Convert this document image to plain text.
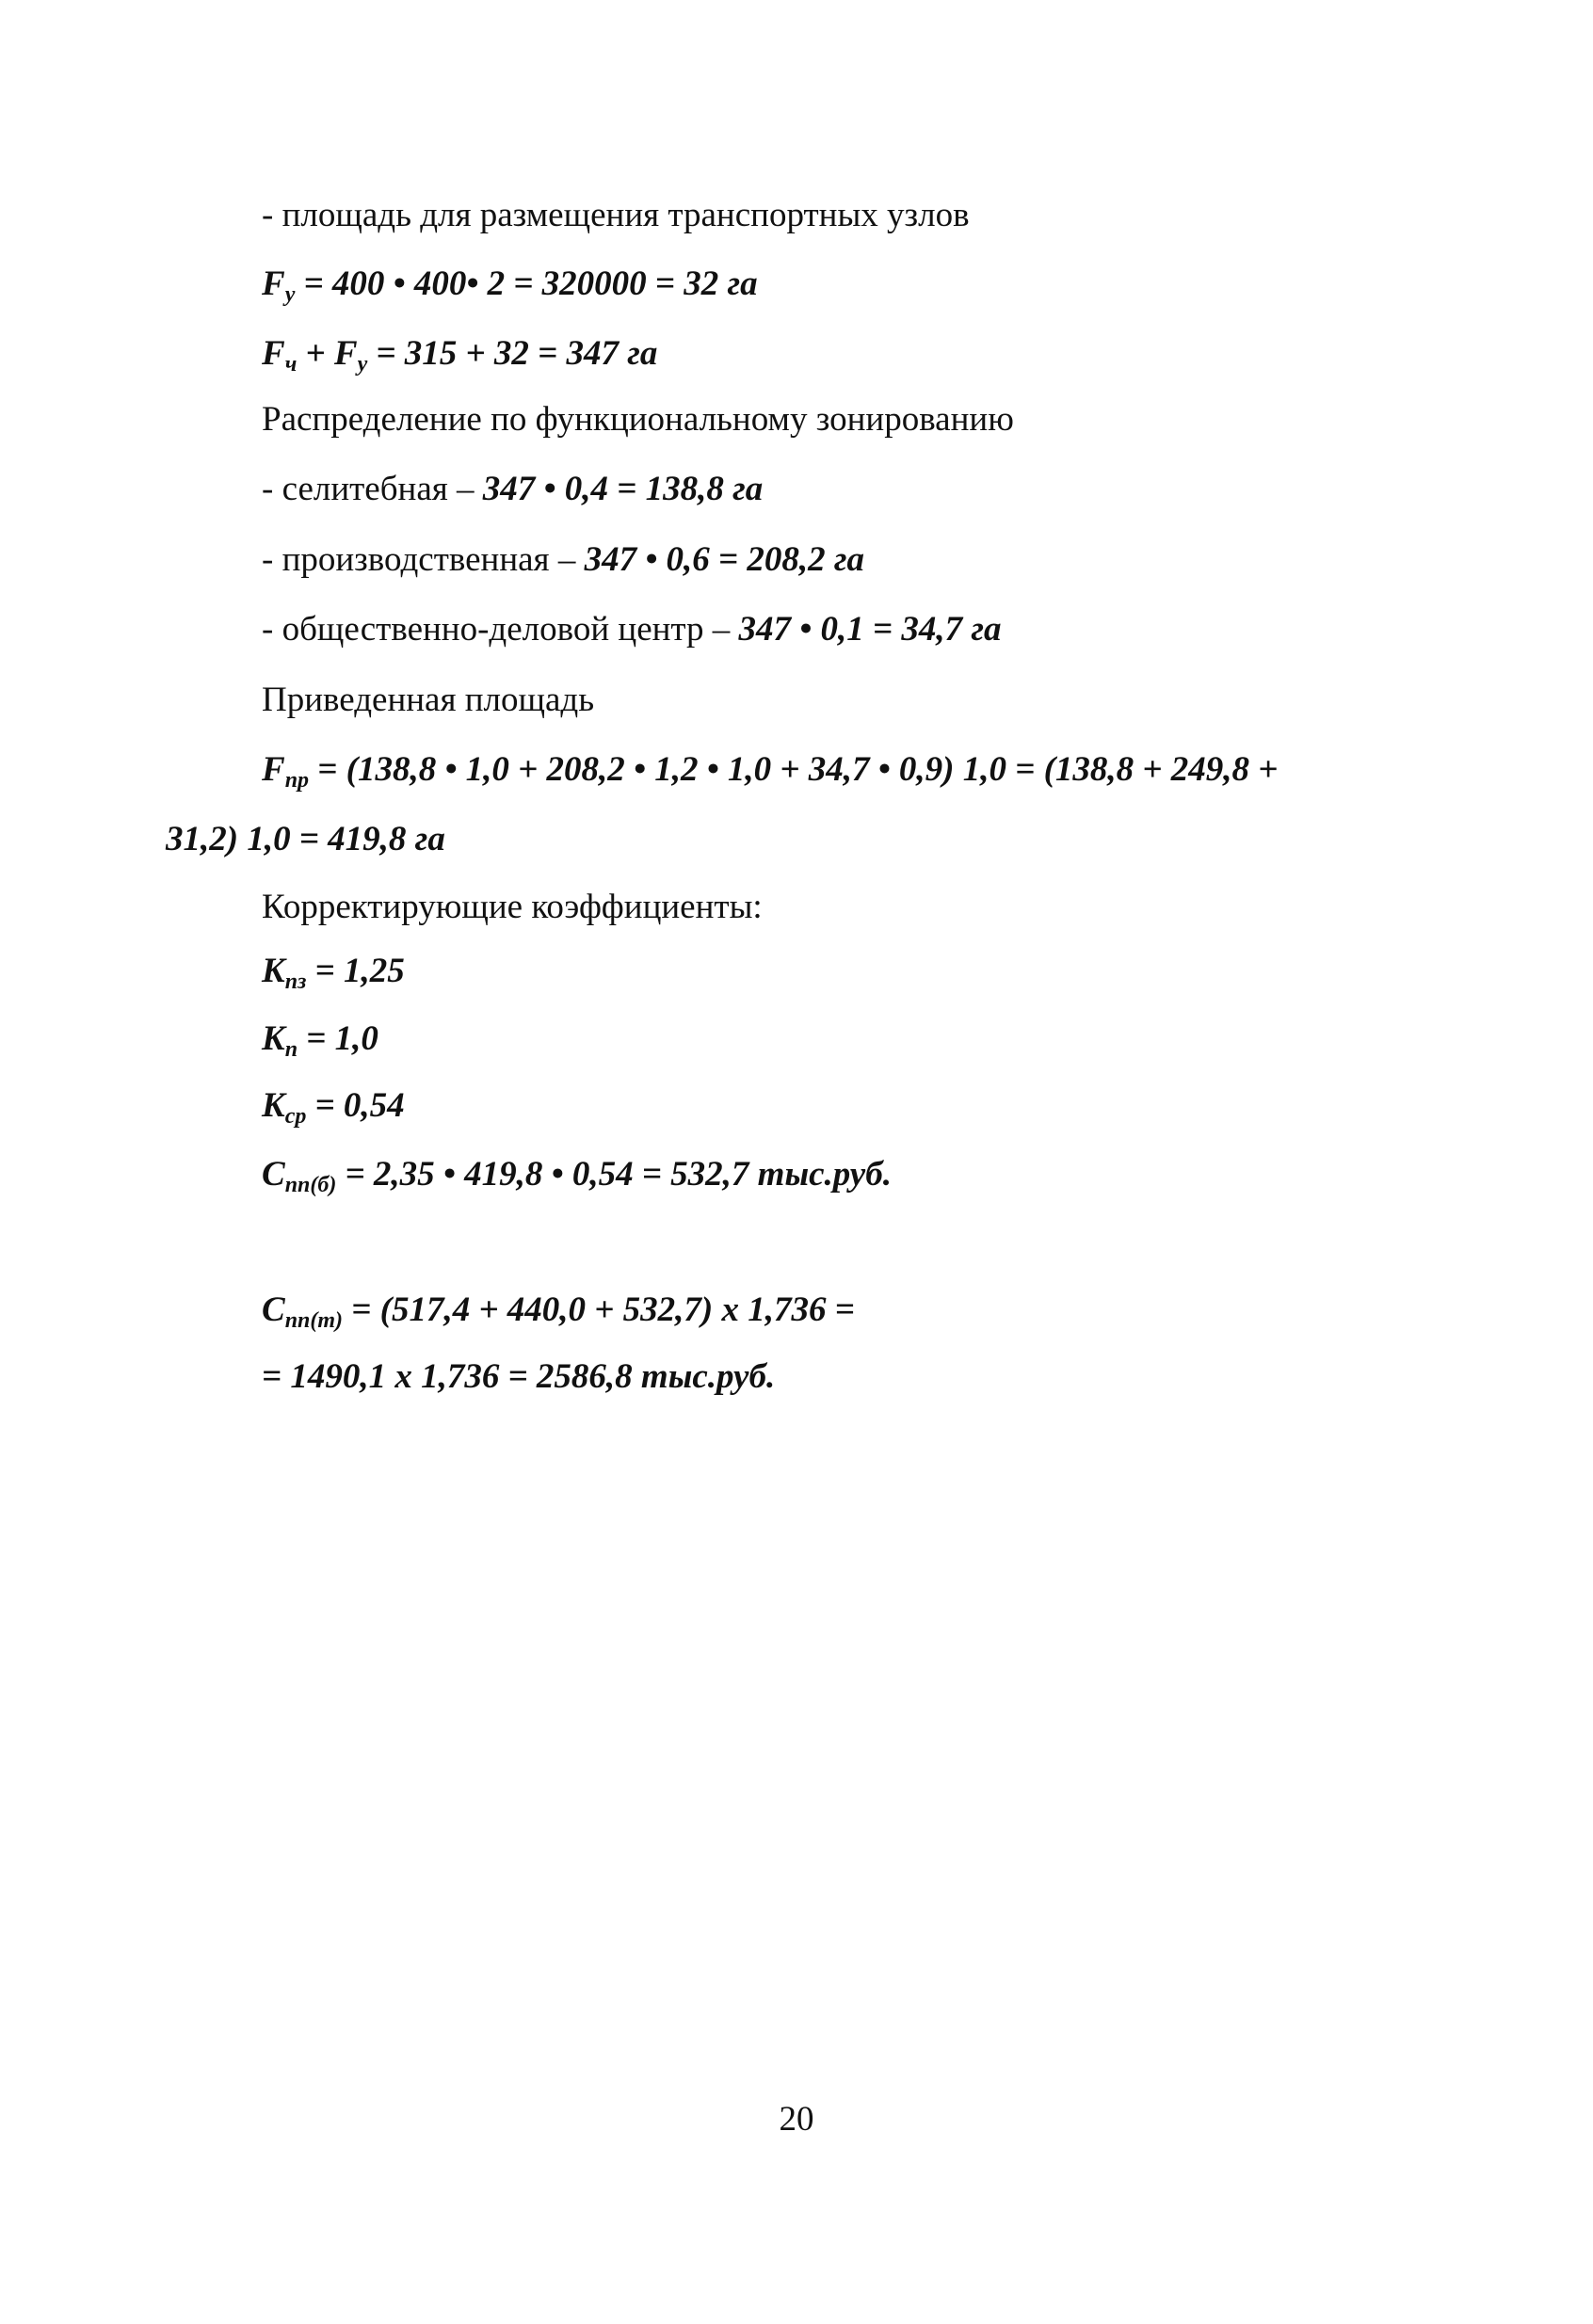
- площадь для размещения транспортных узлов
$F_у = 400$ • 400• 2 = 320000 = 32 га
$F_ч + F_у = 315 + 32 = 347$ га
Распределение по функциональному зонированию
- селитебная – 347 • 0,4 = 138,8 га
- производственная – 347 • 0,6 = 208,2 га
- общественно-деловой центр – 347 • 0,1 = 34,7 га
Приведенная площадь
$F_{пр} = (138,8$ • 1,0 + 208,2 • 1,2 • 1,0 + 34,7 • 0,9) 1,0 = (138,8 + 249,8 +
31,2) 1,0 = 419,8 га
Корректирующие коэффициенты:
$K_{пз} = 1,25$
$K_п = 1,0$
$K_{ср} = 0,54$
$C_{пп(б)} = 2,35$ • 419,8 • 0,54 = 532,7 тыс.руб.
$C_{пп(т)} = (517,4 + 440,0 + 532,7)$ x 1,736 =
= 1490,1 x 1,736 = 2586,8 тыс.руб.
20
